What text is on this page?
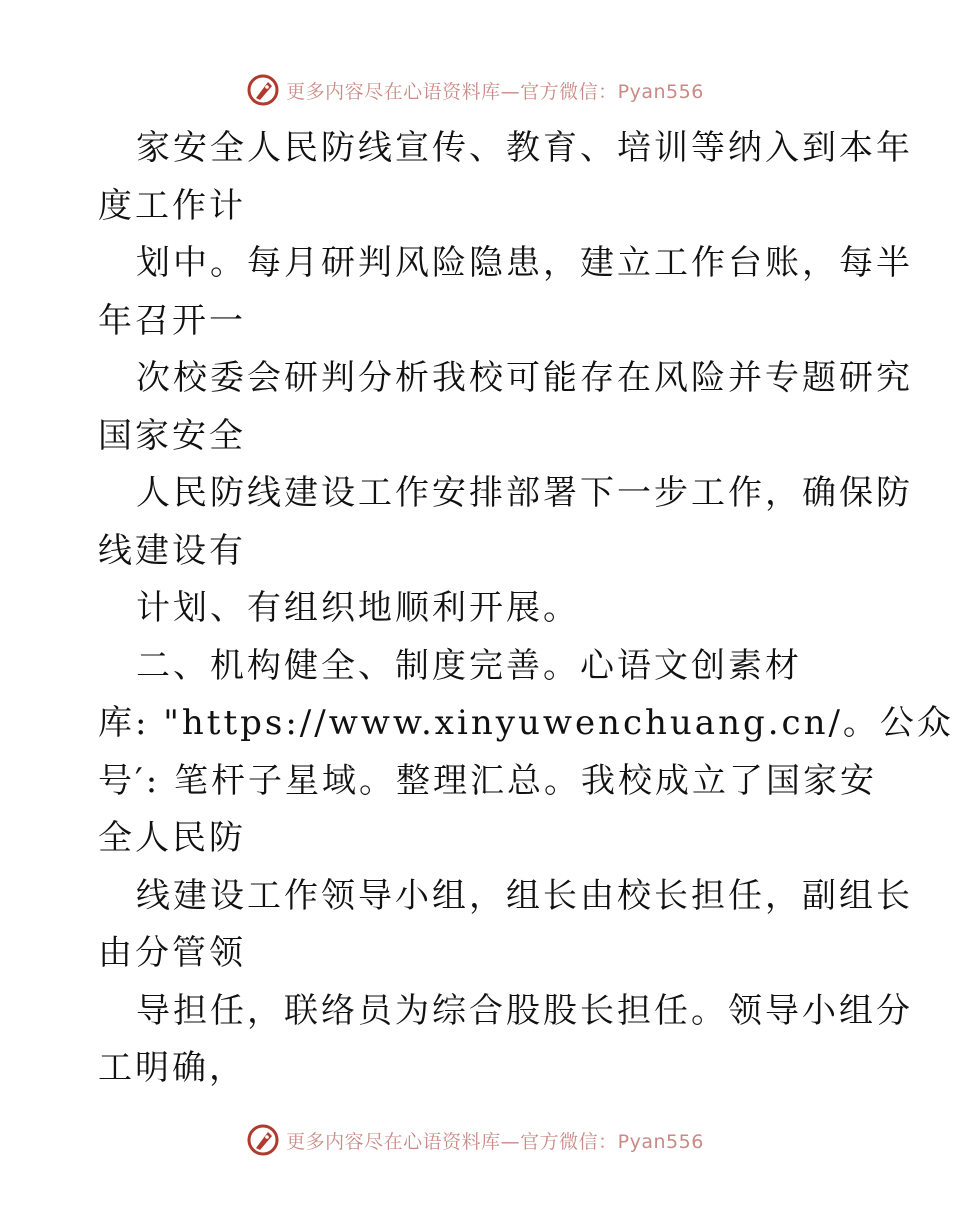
更多内容尽在心语资料库—官方微信：Pyan556
家安全人民防线宣传、教育、培训等纳入到本年
度工作计
划中。每月研判风险隐患，建立工作台账，每半
年召开一
次校委会研判分析我校可能存在风险并专题研究
国家安全
人民防线建设工作安排部署下一步工作，确保防
线建设有
计划、有组织地顺利开展。
二、机构健全、制度完善。心语文创素材
库: "https://www.xinyuwenchuang.cn/。公众
号′: 笔杆子星域。整理汇总。我校成立了国家安
全人民防
线建设工作领导小组，组长由校长担任，副组长
由分管领
导担任，联络员为综合股股长担任。领导小组分
工明确，
更多内容尽在心语资料库—官方微信：Pyan556
